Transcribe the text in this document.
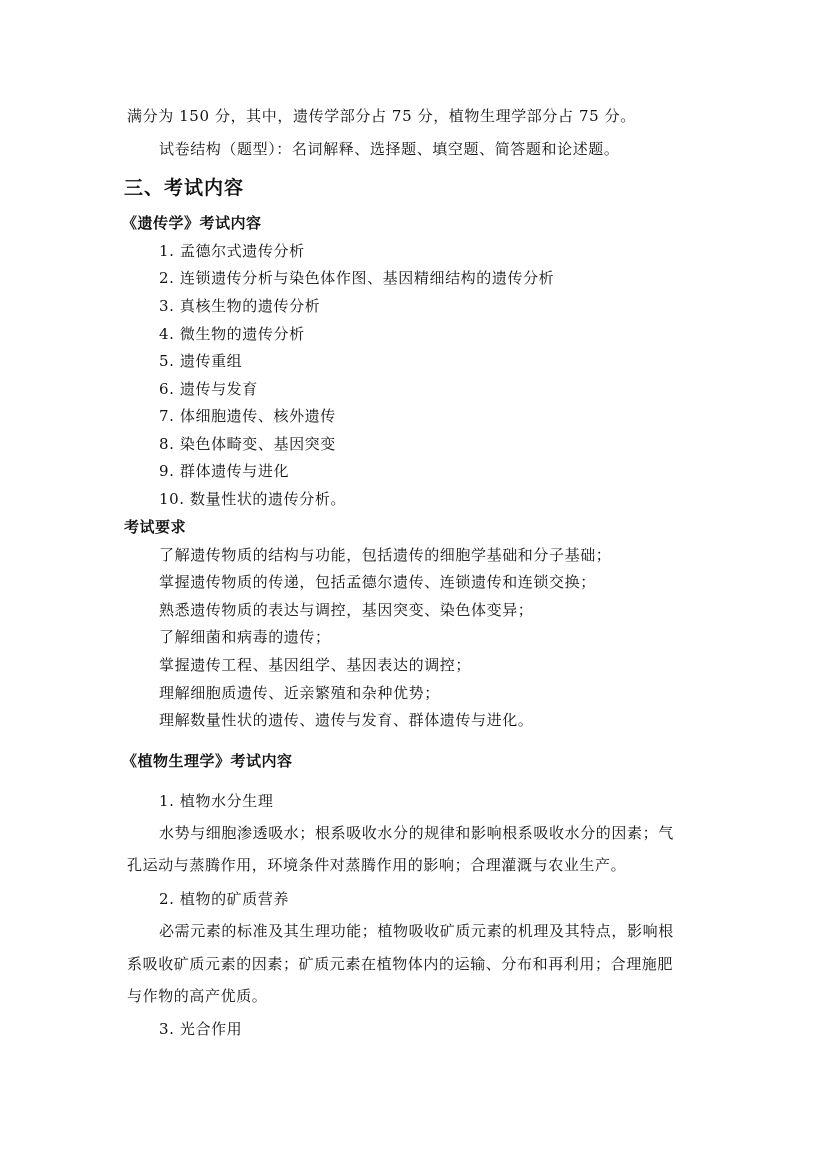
满分为 150 分，其中，遗传学部分占 75 分，植物生理学部分占 75 分。
试卷结构（题型）：名词解释、选择题、填空题、简答题和论述题。
三、考试内容
《遗传学》考试内容
1. 孟德尔式遗传分析
2. 连锁遗传分析与染色体作图、基因精细结构的遗传分析
3. 真核生物的遗传分析
4. 微生物的遗传分析
5. 遗传重组
6. 遗传与发育
7. 体细胞遗传、核外遗传
8. 染色体畸变、基因突变
9. 群体遗传与进化
10. 数量性状的遗传分析。
考试要求
了解遗传物质的结构与功能，包括遗传的细胞学基础和分子基础；
掌握遗传物质的传递，包括孟德尔遗传、连锁遗传和连锁交换；
熟悉遗传物质的表达与调控，基因突变、染色体变异；
了解细菌和病毒的遗传；
掌握遗传工程、基因组学、基因表达的调控；
理解细胞质遗传、近亲繁殖和杂种优势；
理解数量性状的遗传、遗传与发育、群体遗传与进化。
《植物生理学》考试内容
1. 植物水分生理
水势与细胞渗透吸水；根系吸收水分的规律和影响根系吸收水分的因素；气
孔运动与蒸腾作用，环境条件对蒸腾作用的影响；合理灌溉与农业生产。
2. 植物的矿质营养
必需元素的标准及其生理功能；植物吸收矿质元素的机理及其特点，影响根
系吸收矿质元素的因素；矿质元素在植物体内的运输、分布和再利用；合理施肥
与作物的高产优质。
3. 光合作用
